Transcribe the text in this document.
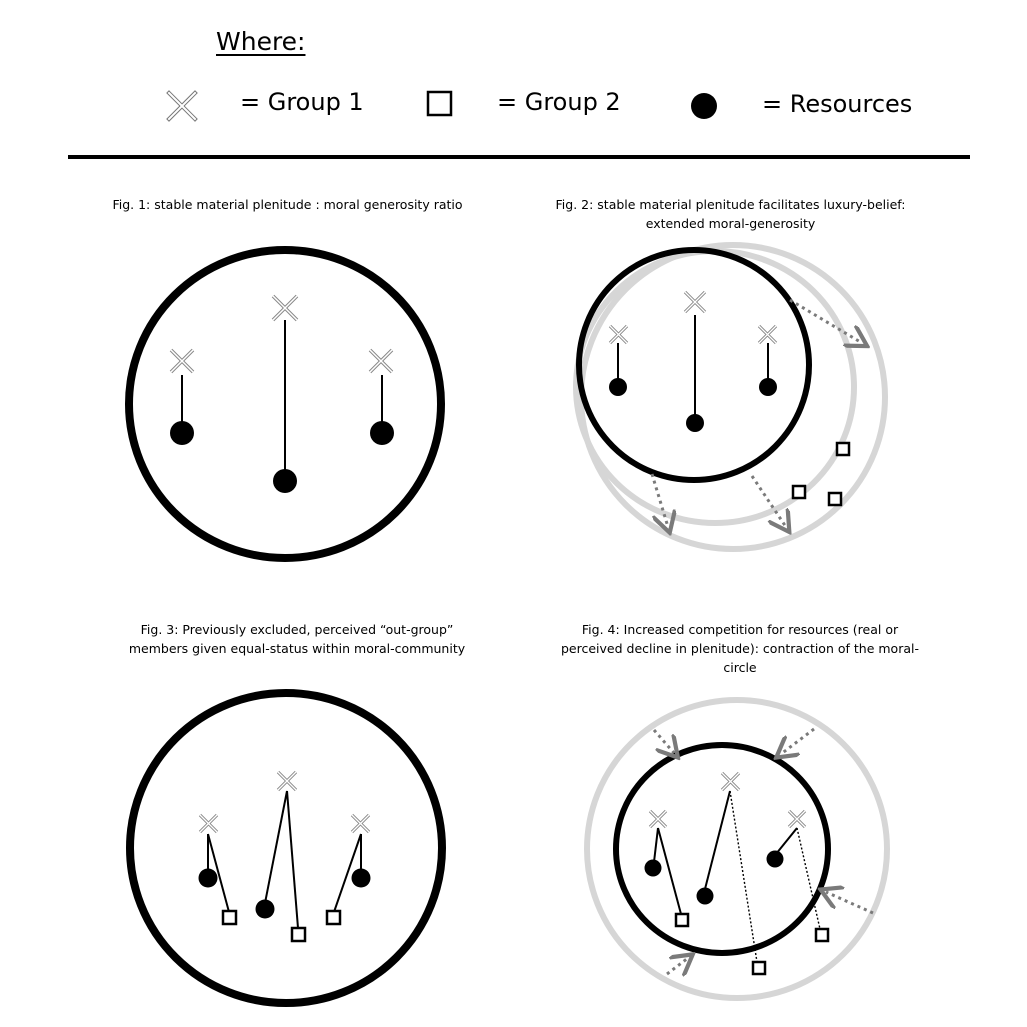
Where:
= Group 1	= Group 2	= Resources
Fig. 1: stable material plenitude : moral generosity ratio	Fig. 2: stable material plenitude facilitates luxury-belief: extended moral-generosity
Fig. 3: Previously excluded, perceived “out-group” members given equal-status within moral-community
Fig. 4: Increased competition for resources (real or perceived decline in plenitude): contraction of the moral-circle
